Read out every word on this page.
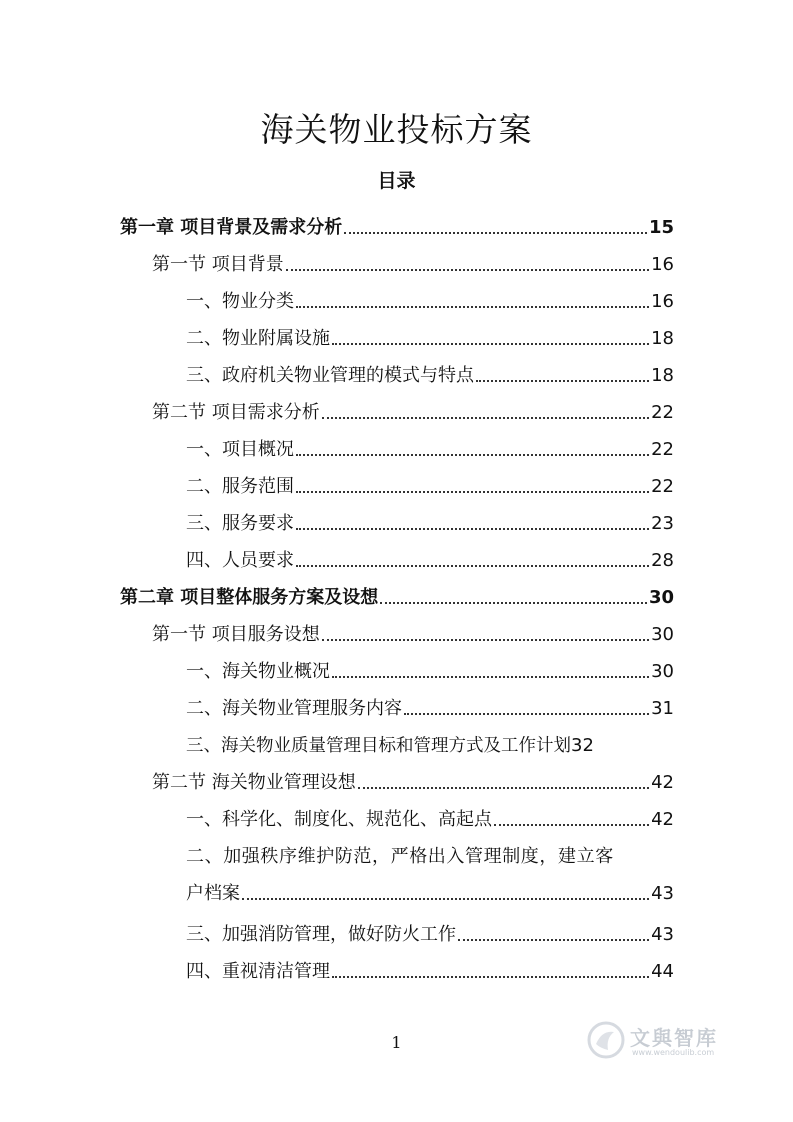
海关物业投标方案
目录
第一章 项目背景及需求分析	15
第一节 项目背景	16
一、物业分类	16
二、物业附属设施	18
三、政府机关物业管理的模式与特点	18
第二节 项目需求分析	22
一、项目概况	22
二、服务范围	22
三、服务要求	23
四、人员要求	28
第二章 项目整体服务方案及设想	30
第一节 项目服务设想	30
一、海关物业概况	30
二、海关物业管理服务内容	31
三、海关物业质量管理目标和管理方式及工作计划 32
第二节 海关物业管理设想	42
一、科学化、制度化、规范化、高起点	42
二、加强秩序维护防范，严格出入管理制度，建立客
户档案	43
三、加强消防管理，做好防火工作	43
四、重视清洁管理	44
1	文與智库
www.wendoulib.com
